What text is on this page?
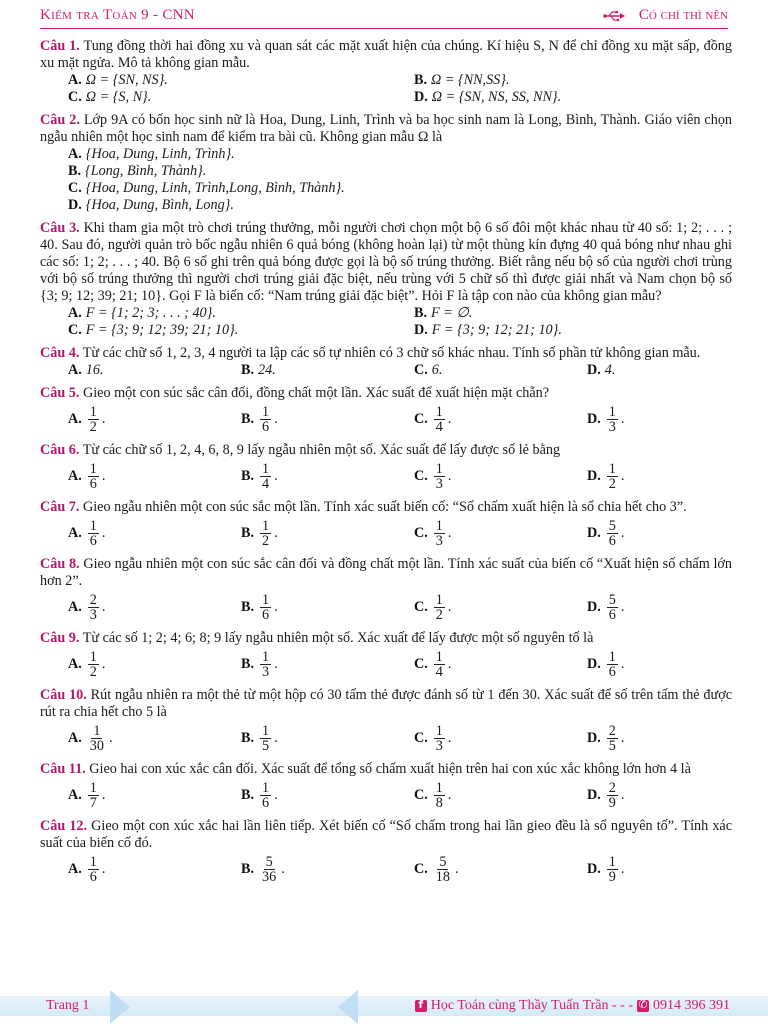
Kiểm tra Toán 9 - CNN	Có chí thì nên
Câu 1. Tung đồng thời hai đồng xu và quan sát các mặt xuất hiện của chúng. Kí hiệu S, N để chỉ đồng xu mặt sấp, đồng xu mặt ngửa. Mô tả không gian mẫu.
A. Ω = {SN, NS}.	B. Ω = {NN,SS}.
C. Ω = {S, N}.	D. Ω = {SN, NS, SS, NN}.
Câu 2. Lớp 9A có bốn học sinh nữ là Hoa, Dung, Linh, Trình và ba học sinh nam là Long, Bình, Thành. Giáo viên chọn ngẫu nhiên một học sinh nam để kiểm tra bài cũ. Không gian mẫu Ω là
A. {Hoa, Dung, Linh, Trình}.
B. {Long, Bình, Thành}.
C. {Hoa, Dung, Linh, Trình,Long, Bình, Thành}.
D. {Hoa, Dung, Bình, Long}.
Câu 3. Khi tham gia một trò chơi trúng thưởng, mỗi người chơi chọn một bộ 6 số đôi một khác nhau từ 40 số: 1; 2; . . . ; 40. Sau đó, người quản trò bốc ngẫu nhiên 6 quả bóng (không hoàn lại) từ một thùng kín đựng 40 quả bóng như nhau ghi các số: 1; 2; . . . ; 40. Bộ 6 số ghi trên quả bóng được gọi là bộ số trúng thưởng. Biết rằng nếu bộ số của người chơi trùng với bộ số trúng thưởng thì người chơi trúng giải đặc biệt, nếu trùng với 5 chữ số thì được giải nhất và Nam chọn bộ số {3; 9; 12; 39; 21; 10}. Gọi F là biến cố: “Nam trúng giải đặc biệt”. Hỏi F là tập con nào của không gian mẫu?
A. F = {1; 2; 3; . . . ; 40}.	B. F = ∅.
C. F = {3; 9; 12; 39; 21; 10}.	D. F = {3; 9; 12; 21; 10}.
Câu 4. Từ các chữ số 1, 2, 3, 4 người ta lập các số tự nhiên có 3 chữ số khác nhau. Tính số phần tử không gian mẫu.
A. 16.	B. 24.	C. 6.	D. 4.
Câu 5. Gieo một con súc sắc cân đối, đồng chất một lần. Xác suất để xuất hiện mặt chẵn?
A. $\frac{1}{2}$ .	B. $\frac{1}{6}$ .	C. $\frac{1}{4}$ .	D. $\frac{1}{3}$ .
Câu 6. Từ các chữ số 1, 2, 4, 6, 8, 9 lấy ngẫu nhiên một số. Xác suất để lấy được số lẻ bằng
A. $\frac{1}{6}$ .	B. $\frac{1}{4}$ .	C. $\frac{1}{3}$ .	D. $\frac{1}{2}$ .
Câu 7. Gieo ngẫu nhiên một con súc sắc một lần. Tính xác suất biến cố: “Số chấm xuất hiện là số chia hết cho 3”.
A. $\frac{1}{6}$ .	B. $\frac{1}{2}$ .	C. $\frac{1}{3}$ .	D. $\frac{5}{6}$ .
Câu 8. Gieo ngẫu nhiên một con súc sắc cân đối và đồng chất một lần. Tính xác suất của biến cố “Xuất hiện số chấm lớn hơn 2”.
A. $\frac{2}{3}$ .	B. $\frac{1}{6}$ .	C. $\frac{1}{2}$ .	D. $\frac{5}{6}$ .
Câu 9. Từ các số 1; 2; 4; 6; 8; 9 lấy ngẫu nhiên một số. Xác xuất để lấy được một số nguyên tố là
A. $\frac{1}{2}$ .	B. $\frac{1}{3}$ .	C. $\frac{1}{4}$ .	D. $\frac{1}{6}$ .
Câu 10. Rút ngẫu nhiên ra một thẻ từ một hộp có 30 tấm thẻ được đánh số từ 1 đến 30. Xác suất để số trên tấm thẻ được rút ra chia hết cho 5 là
A. $\frac{1}{30}$ .	B. $\frac{1}{5}$ .	C. $\frac{1}{3}$ .	D. $\frac{2}{5}$ .
Câu 11. Gieo hai con xúc xắc cân đối. Xác suất để tổng số chấm xuất hiện trên hai con xúc xắc không lớn hơn 4 là
A. $\frac{1}{7}$ .	B. $\frac{1}{6}$ .	C. $\frac{1}{8}$ .	D. $\frac{2}{9}$ .
Câu 12. Gieo một con xúc xắc hai lần liên tiếp. Xét biến cố “Số chấm trong hai lần gieo đều là số nguyên tố”. Tính xác suất của biến cố đó.
A. $\frac{1}{6}$ .	B. $\frac{5}{36}$ .	C. $\frac{5}{18}$ .	D. $\frac{1}{9}$ .
Trang 1	f Học Toán cùng Thầy Tuấn Trần - - - ✆ 0914 396 391
